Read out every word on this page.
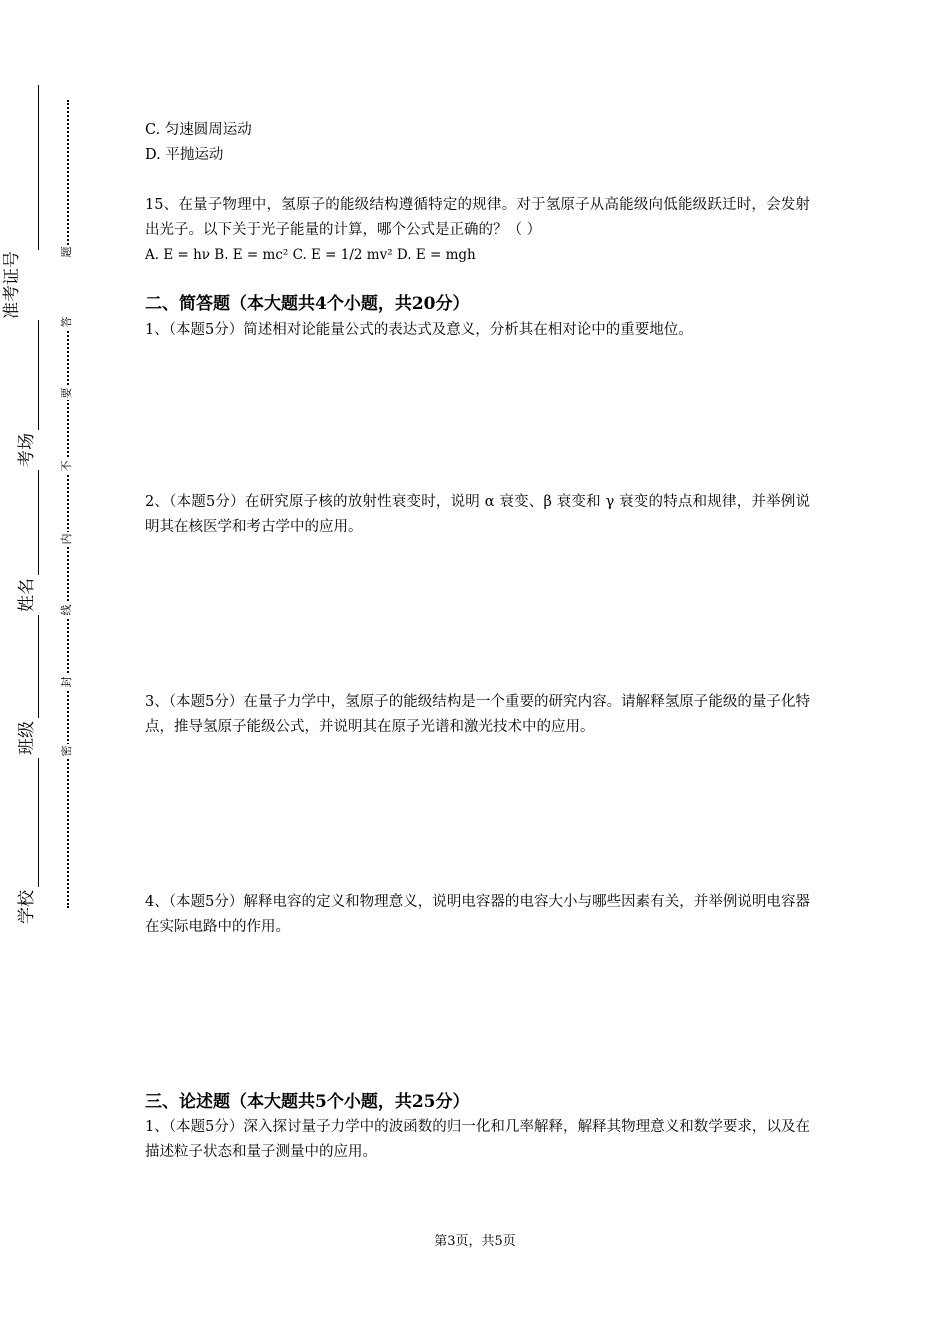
准考证号
考场
姓名
班级
学校
题
答
要
不
内
线
封
密
C. 匀速圆周运动
D. 平抛运动
15、在量子物理中，氢原子的能级结构遵循特定的规律。对于氢原子从高能级向低能级跃迁时，会发射出光子。以下关于光子能量的计算，哪个公式是正确的？（ ）
A. E = hν B. E = mc² C. E = 1/2 mv² D. E = mgh
二、简答题（本大题共4个小题，共20分）
1、（本题5分）简述相对论能量公式的表达式及意义，分析其在相对论中的重要地位。
2、（本题5分）在研究原子核的放射性衰变时，说明 α 衰变、β 衰变和 γ 衰变的特点和规律，并举例说明其在核医学和考古学中的应用。
3、（本题5分）在量子力学中，氢原子的能级结构是一个重要的研究内容。请解释氢原子能级的量子化特点，推导氢原子能级公式，并说明其在原子光谱和激光技术中的应用。
4、（本题5分）解释电容的定义和物理意义，说明电容器的电容大小与哪些因素有关，并举例说明电容器在实际电路中的作用。
三、论述题（本大题共5个小题，共25分）
1、（本题5分）深入探讨量子力学中的波函数的归一化和几率解释，解释其物理意义和数学要求，以及在描述粒子状态和量子测量中的应用。
第3页，共5页
